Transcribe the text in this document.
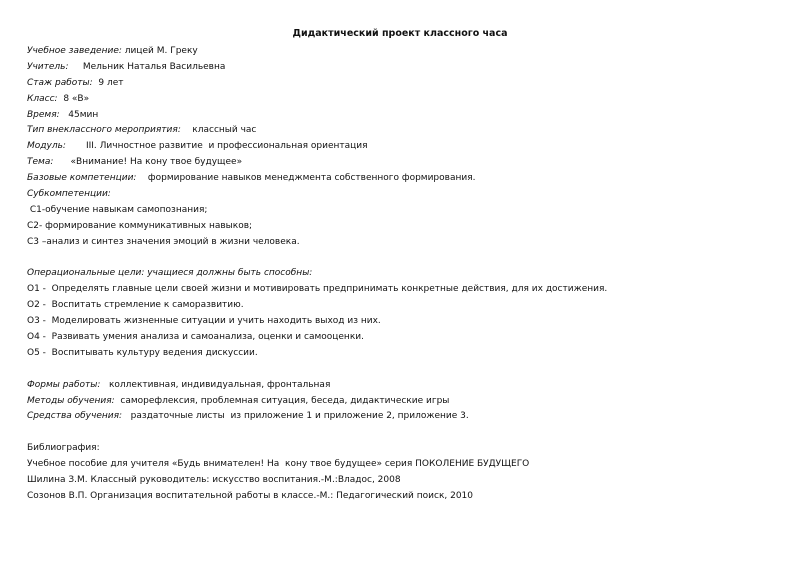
Дидактический проект классного часа
Учебное заведение: лицей М. Греку
Учитель:     Мельник Наталья Васильевна
Стаж работы:  9 лет
Класс:  8 «В»
Время:   45мин
Тип внеклассного мероприятия:    классный час
Модуль:       III. Личностное развитие  и профессиональная ориентация
Тема:      «Внимание! На кону твое будущее»
Базовые компетенции:    формирование навыков менеджмента собственного формирования.
Субкомпетенции:
С1-обучение навыкам самопознания;
С2- формирование коммуникативных навыков;
С3 –анализ и синтез значения эмоций в жизни человека.
Операциональные цели: учащиеся должны быть способны:
О1 -  Определять главные цели своей жизни и мотивировать предпринимать конкретные действия, для их достижения.
О2 -  Воспитать стремление к саморазвитию.
О3 -  Моделировать жизненные ситуации и учить находить выход из них.
О4 -  Развивать умения анализа и самоанализа, оценки и самооценки.
О5 -  Воспитывать культуру ведения дискуссии.
Формы работы:   коллективная, индивидуальная, фронтальная
Методы обучения:  саморефлексия, проблемная ситуация, беседа, дидактические игры
Средства обучения:   раздаточные листы  из приложение 1 и приложение 2, приложение 3.
Библиография:
Учебное пособие для учителя «Будь внимателен! На  кону твое будущее» серия ПОКОЛЕНИЕ БУДУЩЕГО
Шилина З.М. Классный руководитель: искусство воспитания.-М.:Владос, 2008
Созонов В.П. Организация воспитательной работы в классе.-М.: Педагогический поиск, 2010
